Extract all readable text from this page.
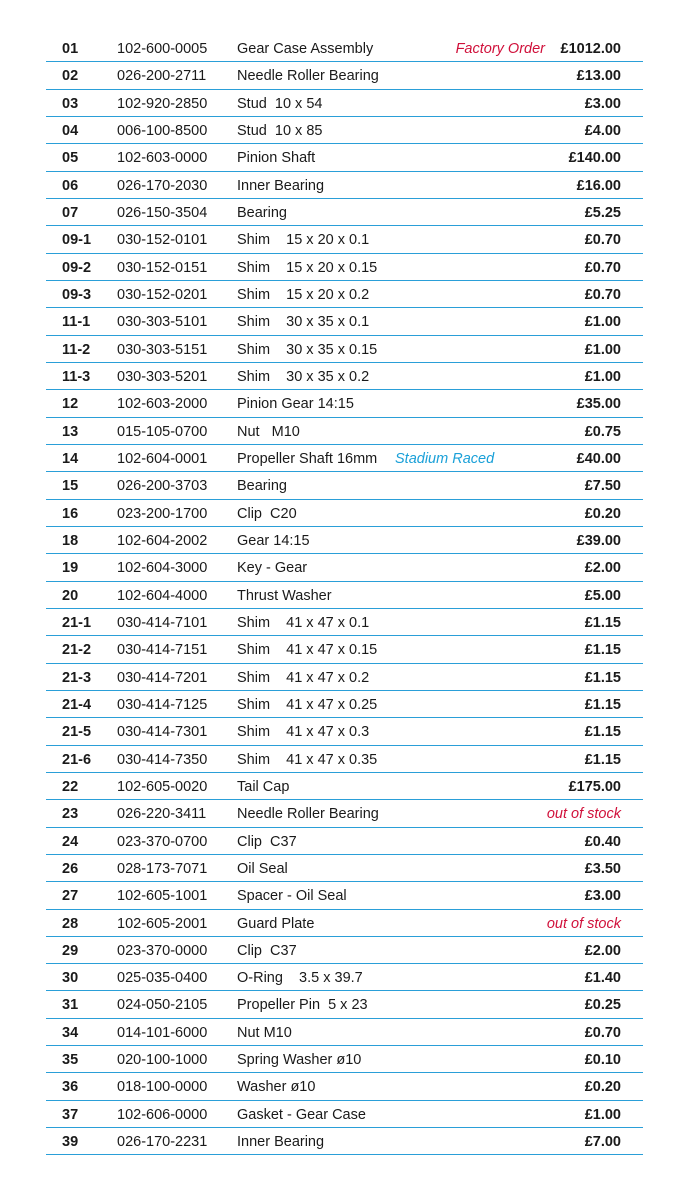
01	102-600-0005 Gear Case Assembly	Factory Order £1012.00
02	026-200-2711 Needle Roller Bearing	£13.00
03	102-920-2850 Stud  10 x 54	£3.00
04	006-100-8500 Stud  10 x 85	£4.00
05	102-603-0000 Pinion Shaft	£140.00
06	026-170-2030 Inner Bearing	£16.00
07	026-150-3504 Bearing	£5.25
09-1 030-152-0101 Shim    15 x 20 x 0.1	£0.70
09-2 030-152-0151 Shim    15 x 20 x 0.15	£0.70
09-3 030-152-0201 Shim    15 x 20 x 0.2	£0.70
11-1 030-303-5101 Shim    30 x 35 x 0.1	£1.00
11-2 030-303-5151 Shim    30 x 35 x 0.15	£1.00
11-3 030-303-5201 Shim    30 x 35 x 0.2	£1.00
12	102-603-2000 Pinion Gear 14:15	£35.00
13	015-105-0700 Nut   M10	£0.75
14	102-604-0001 Propeller Shaft 16mm Stadium Raced	£40.00
15	026-200-3703 Bearing	£7.50
16	023-200-1700 Clip  C20	£0.20
18	102-604-2002 Gear 14:15	£39.00
19	102-604-3000 Key - Gear	£2.00
20	102-604-4000 Thrust Washer	£5.00
21-1 030-414-7101 Shim    41 x 47 x 0.1	£1.15
21-2 030-414-7151 Shim    41 x 47 x 0.15	£1.15
21-3 030-414-7201 Shim    41 x 47 x 0.2	£1.15
21-4 030-414-7125 Shim    41 x 47 x 0.25	£1.15
21-5 030-414-7301 Shim    41 x 47 x 0.3	£1.15
21-6 030-414-7350 Shim    41 x 47 x 0.35	£1.15
22	102-605-0020 Tail Cap	£175.00
23	026-220-3411 Needle Roller Bearing	out of stock
24	023-370-0700 Clip  C37	£0.40
26	028-173-7071 Oil Seal	£3.50
27	102-605-1001 Spacer - Oil Seal	£3.00
28	102-605-2001 Guard Plate	out of stock
29	023-370-0000 Clip  C37	£2.00
30	025-035-0400 O-Ring    3.5 x 39.7	£1.40
31	024-050-2105 Propeller Pin  5 x 23	£0.25
34	014-101-6000 Nut M10	£0.70
35	020-100-1000 Spring Washer ø10	£0.10
36	018-100-0000 Washer ø10	£0.20
37	102-606-0000 Gasket - Gear Case	£1.00
39	026-170-2231 Inner Bearing	£7.00
